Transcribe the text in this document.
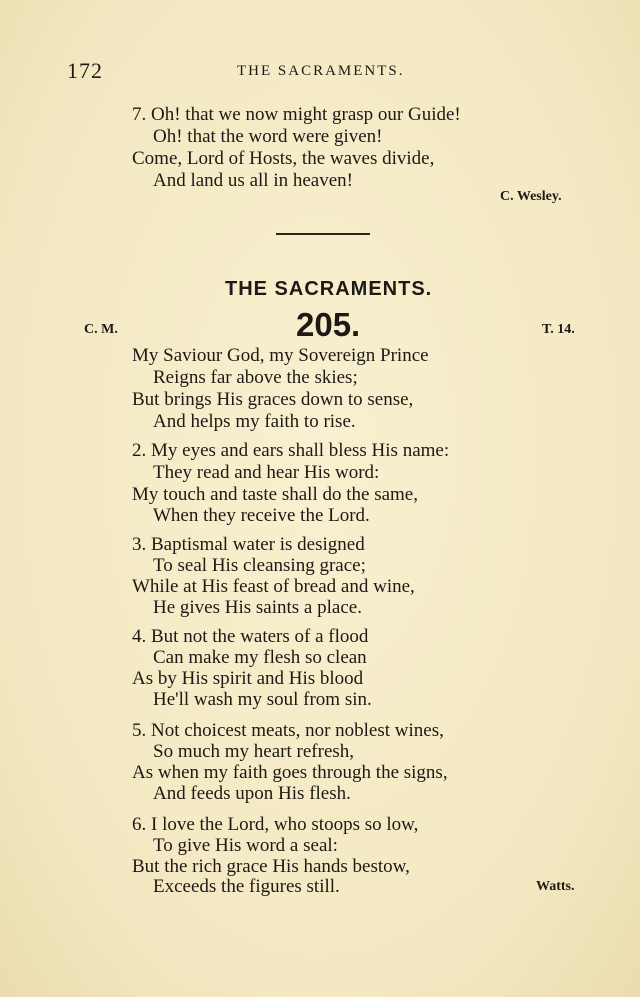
172	THE SACRAMENTS.
7. Oh! that we now might grasp our Guide!
Oh! that the word were given!
Come, Lord of Hosts, the waves divide,
And land us all in heaven!
C. Wesley.
THE SACRAMENTS.
C. M.	205.	T. 14.
My Saviour God, my Sovereign Prince
Reigns far above the skies;
But brings His graces down to sense,
And helps my faith to rise.
2. My eyes and ears shall bless His name:
They read and hear His word:
My touch and taste shall do the same,
When they receive the Lord.
3. Baptismal water is designed
To seal His cleansing grace;
While at His feast of bread and wine,
He gives His saints a place.
4. But not the waters of a flood
Can make my flesh so clean
As by His spirit and His blood
He'll wash my soul from sin.
5. Not choicest meats, nor noblest wines,
So much my heart refresh,
As when my faith goes through the signs,
And feeds upon His flesh.
6. I love the Lord, who stoops so low,
To give His word a seal:
But the rich grace His hands bestow,
Exceeds the figures still.	Watts.
